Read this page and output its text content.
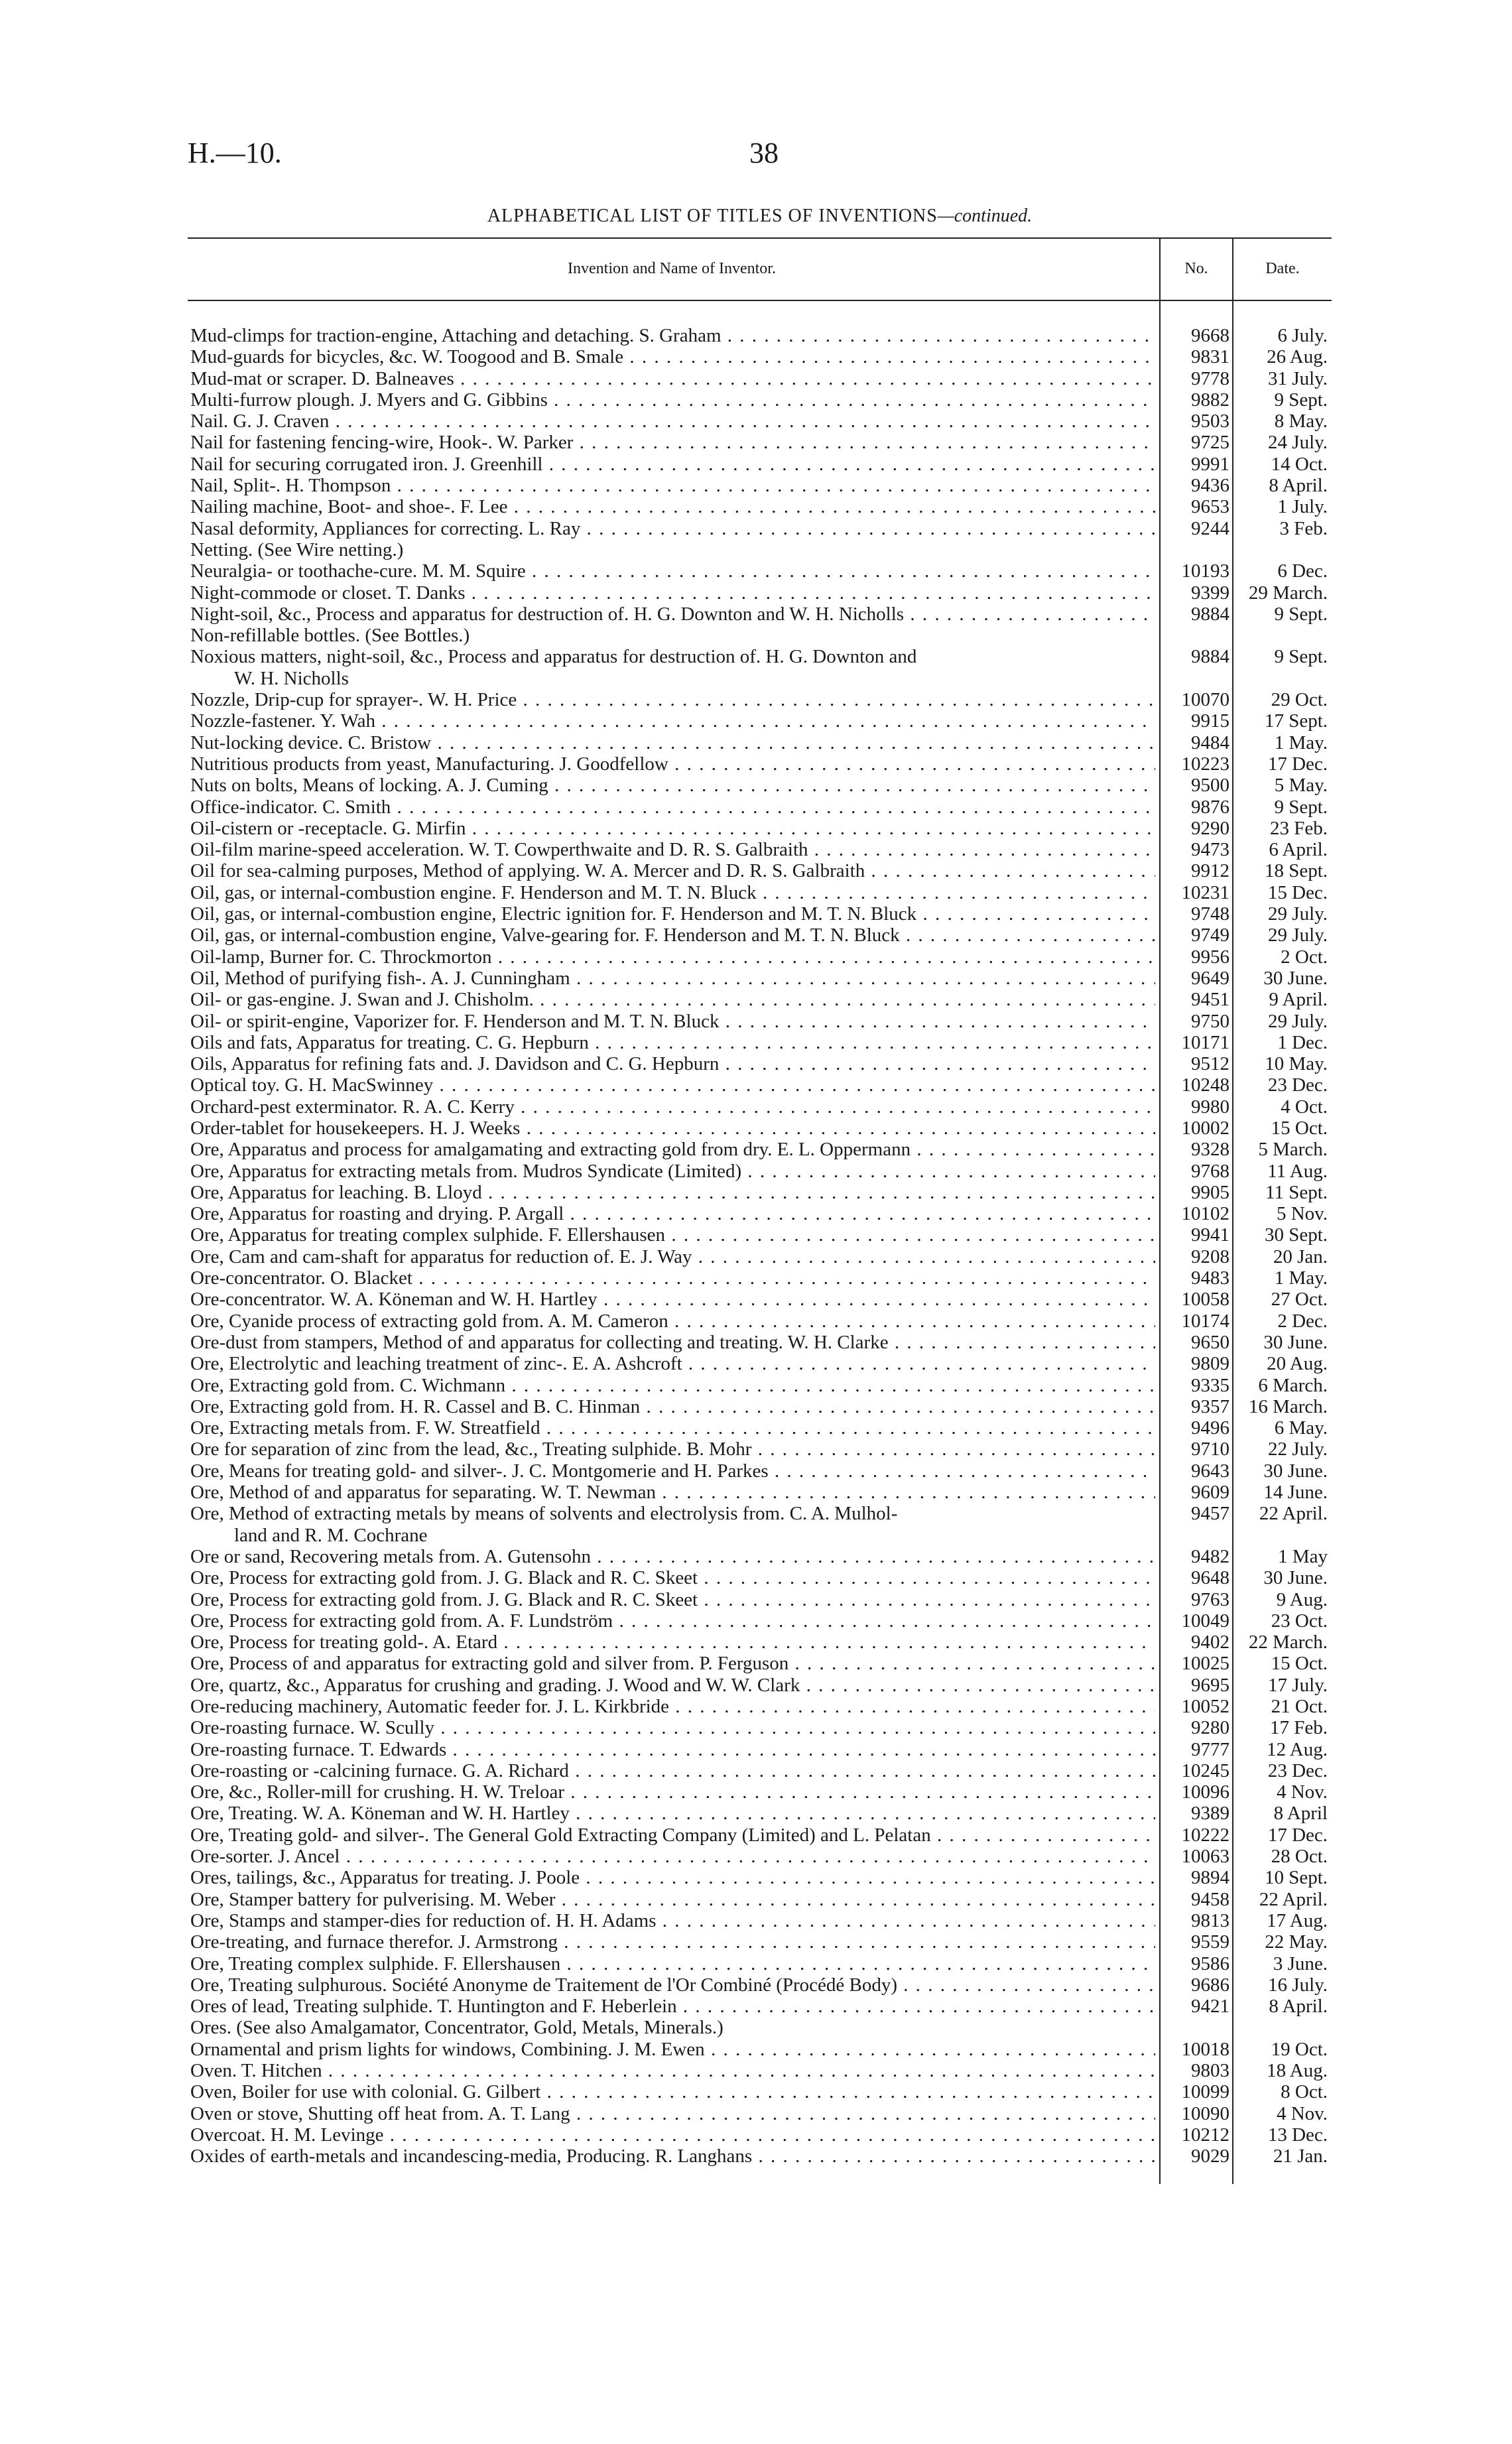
H.—10.	38
ALPHABETICAL LIST OF TITLES OF INVENTIONS—continued.
Invention and Name of Inventor.	No.	Date.
Mud-climps for traction-engine, Attaching and detaching. S. Graham . . .	9668	6 July.
Mud-guards for bicycles, &c. W. Toogood and B. Smale . . .	9831	26 Aug.
Mud-mat or scraper. D. Balneaves . . .	9778	31 July.
Multi-furrow plough. J. Myers and G. Gibbins . . .	9882	9 Sept.
Nail. G. J. Craven . . .	9503	8 May.
Nail for fastening fencing-wire, Hook-. W. Parker . . .	9725	24 July.
Nail for securing corrugated iron. J. Greenhill . . .	9991	14 Oct.
Nail, Split-. H. Thompson . . .	9436	8 April.
Nailing machine, Boot- and shoe-. F. Lee . . .	9653	1 July.
Nasal deformity, Appliances for correcting. L. Ray . . .	9244	3 Feb.
Netting. (See Wire netting.)
Neuralgia- or toothache-cure. M. M. Squire . . .	10193	6 Dec.
Night-commode or closet. T. Danks . . .	9399 29 March.
Night-soil, &c., Process and apparatus for destruction of. H. G. Downton and W. H. Nicholls . . .	9884	9 Sept.
Non-refillable bottles. (See Bottles.)
Noxious matters, night-soil, &c., Process and apparatus for destruction of. H. G. Downton and
W. H. Nicholls
9884	9 Sept.
Nozzle, Drip-cup for sprayer-. W. H. Price . . .	10070	29 Oct.
Nozzle-fastener. Y. Wah . . .	9915	17 Sept.
Nut-locking device. C. Bristow . . .	9484	1 May.
Nutritious products from yeast, Manufacturing. J. Goodfellow . . .	10223	17 Dec.
Nuts on bolts, Means of locking. A. J. Cuming . . .	9500	5 May.
Office-indicator. C. Smith . . .	9876	9 Sept.
Oil-cistern or -receptacle. G. Mirfin . . .	9290	23 Feb.
Oil-film marine-speed acceleration. W. T. Cowperthwaite and D. R. S. Galbraith . . .	9473	6 April.
Oil for sea-calming purposes, Method of applying. W. A. Mercer and D. R. S. Galbraith . . .	9912	18 Sept.
Oil, gas, or internal-combustion engine. F. Henderson and M. T. N. Bluck . . .	10231	15 Dec.
Oil, gas, or internal-combustion engine, Electric ignition for. F. Henderson and M. T. N. Bluck . . .	9748	29 July.
Oil, gas, or internal-combustion engine, Valve-gearing for. F. Henderson and M. T. N. Bluck . . .	9749	29 July.
Oil-lamp, Burner for. C. Throckmorton . . .	9956	2 Oct.
Oil, Method of purifying fish-. A. J. Cunningham . . .	9649	30 June.
Oil- or gas-engine. J. Swan and J. Chisholm. . . .	9451	9 April.
Oil- or spirit-engine, Vaporizer for. F. Henderson and M. T. N. Bluck . . .	9750	29 July.
Oils and fats, Apparatus for treating. C. G. Hepburn . . .	10171	1 Dec.
Oils, Apparatus for refining fats and. J. Davidson and C. G. Hepburn . . .	9512	10 May.
Optical toy. G. H. MacSwinney . . .	10248	23 Dec.
Orchard-pest exterminator. R. A. C. Kerry . . .	9980	4 Oct.
Order-tablet for housekeepers. H. J. Weeks . . .	10002	15 Oct.
Ore, Apparatus and process for amalgamating and extracting gold from dry. E. L. Oppermann . . .	9328	5 March.
Ore, Apparatus for extracting metals from. Mudros Syndicate (Limited) . . .	9768	11 Aug.
Ore, Apparatus for leaching. B. Lloyd . . .	9905	11 Sept.
Ore, Apparatus for roasting and drying. P. Argall . . .	10102	5 Nov.
Ore, Apparatus for treating complex sulphide. F. Ellershausen . . .	9941	30 Sept.
Ore, Cam and cam-shaft for apparatus for reduction of. E. J. Way . . .	9208	20 Jan.
Ore-concentrator. O. Blacket . . .	9483	1 May.
Ore-concentrator. W. A. Köneman and W. H. Hartley . . .	10058	27 Oct.
Ore, Cyanide process of extracting gold from. A. M. Cameron . . .	10174	2 Dec.
Ore-dust from stampers, Method of and apparatus for collecting and treating. W. H. Clarke . . .	9650	30 June.
Ore, Electrolytic and leaching treatment of zinc-. E. A. Ashcroft . . .	9809	20 Aug.
Ore, Extracting gold from. C. Wichmann . . .	9335	6 March.
Ore, Extracting gold from. H. R. Cassel and B. C. Hinman . . .	9357 16 March.
Ore, Extracting metals from. F. W. Streatfield . . .	9496	6 May.
Ore for separation of zinc from the lead, &c., Treating sulphide. B. Mohr . . .	9710	22 July.
Ore, Means for treating gold- and silver-. J. C. Montgomerie and H. Parkes . . .	9643	30 June.
Ore, Method of and apparatus for separating. W. T. Newman . . .	9609	14 June.
Ore, Method of extracting metals by means of solvents and electrolysis from. C. A. Mulhol-
land and R. M. Cochrane
9457	22 April.
Ore or sand, Recovering metals from. A. Gutensohn . . .	9482	1 May
Ore, Process for extracting gold from. J. G. Black and R. C. Skeet . . .	9648	30 June.
Ore, Process for extracting gold from. J. G. Black and R. C. Skeet . . .	9763	9 Aug.
Ore, Process for extracting gold from. A. F. Lundström . . .	10049	23 Oct.
Ore, Process for treating gold-. A. Etard . . .	9402 22 March.
Ore, Process of and apparatus for extracting gold and silver from. P. Ferguson . . .	10025	15 Oct.
Ore, quartz, &c., Apparatus for crushing and grading. J. Wood and W. W. Clark . . .	9695	17 July.
Ore-reducing machinery, Automatic feeder for. J. L. Kirkbride . . .	10052	21 Oct.
Ore-roasting furnace. W. Scully . . .	9280	17 Feb.
Ore-roasting furnace. T. Edwards . . .	9777	12 Aug.
Ore-roasting or -calcining furnace. G. A. Richard . . .	10245	23 Dec.
Ore, &c., Roller-mill for crushing. H. W. Treloar . . .	10096	4 Nov.
Ore, Treating. W. A. Köneman and W. H. Hartley . . .	9389	8 April
Ore, Treating gold- and silver-. The General Gold Extracting Company (Limited) and L. Pelatan . . .	10222	17 Dec.
Ore-sorter. J. Ancel . . .	10063	28 Oct.
Ores, tailings, &c., Apparatus for treating. J. Poole . . .	9894	10 Sept.
Ore, Stamper battery for pulverising. M. Weber . . .	9458	22 April.
Ore, Stamps and stamper-dies for reduction of. H. H. Adams . . .	9813	17 Aug.
Ore-treating, and furnace therefor. J. Armstrong . . .	9559	22 May.
Ore, Treating complex sulphide. F. Ellershausen . . .	9586	3 June.
Ore, Treating sulphurous. Société Anonyme de Traitement de l'Or Combiné (Procédé Body) . . .	9686	16 July.
Ores of lead, Treating sulphide. T. Huntington and F. Heberlein . . .	9421	8 April.
Ores. (See also Amalgamator, Concentrator, Gold, Metals, Minerals.)
Ornamental and prism lights for windows, Combining. J. M. Ewen . . .	10018	19 Oct.
Oven. T. Hitchen . . .	9803	18 Aug.
Oven, Boiler for use with colonial. G. Gilbert . . .	10099	8 Oct.
Oven or stove, Shutting off heat from. A. T. Lang . . .	10090	4 Nov.
Overcoat. H. M. Levinge . . .	10212	13 Dec.
Oxides of earth-metals and incandescing-media, Producing. R. Langhans . . .	9029	21 Jan.
